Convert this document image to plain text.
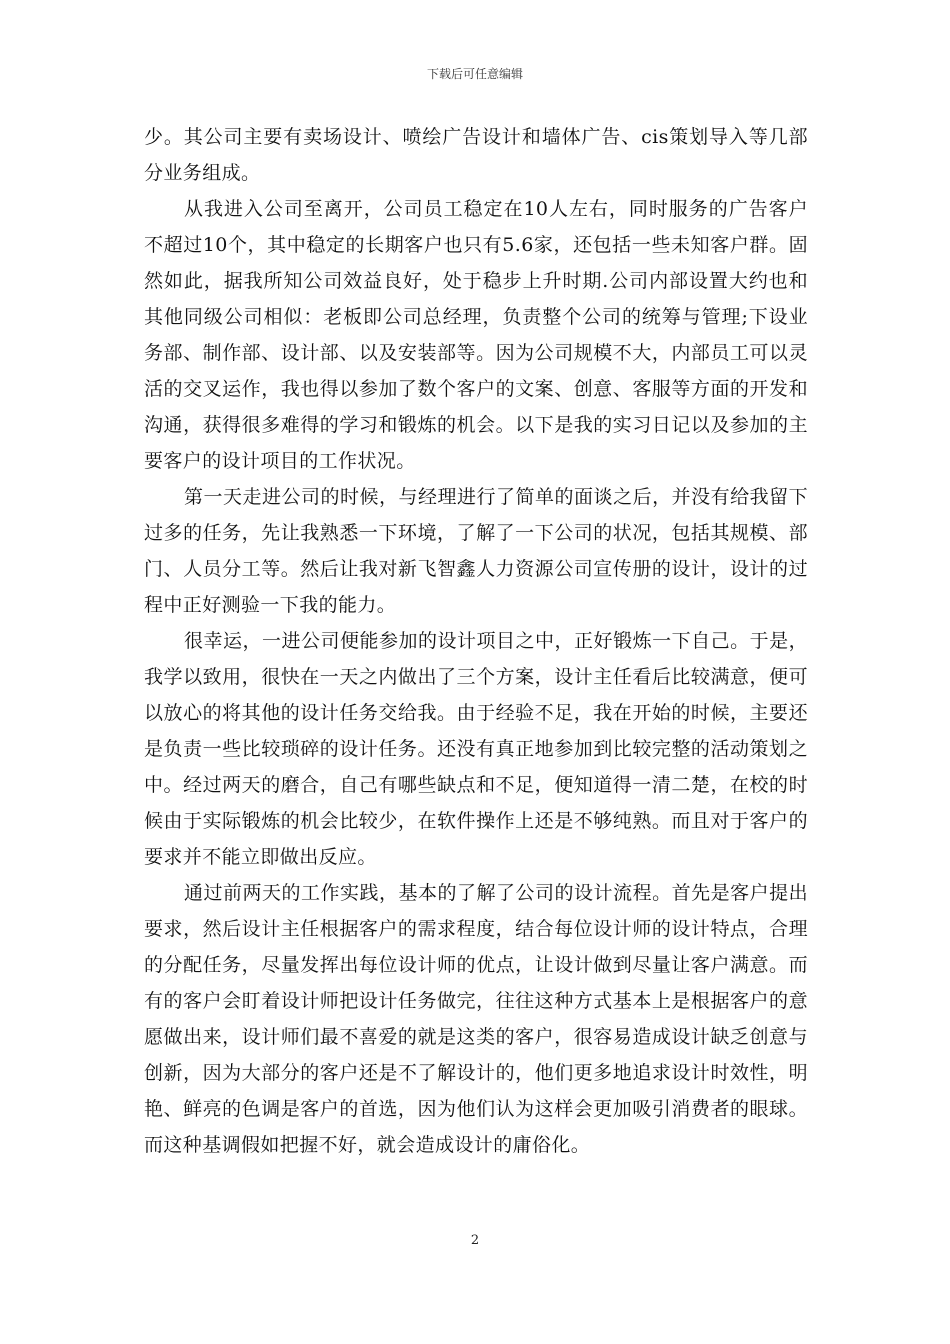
下载后可任意编辑

少。其公司主要有卖场设计、喷绘广告设计和墙体广告、cis策划导入等几部分业务组成。

从我进入公司至离开，公司员工稳定在10人左右，同时服务的广告客户不超过10个，其中稳定的长期客户也只有5.6家，还包括一些未知客户群。固然如此，据我所知公司效益良好，处于稳步上升时期.公司内部设置大约也和其他同级公司相似：老板即公司总经理，负责整个公司的统筹与管理;下设业务部、制作部、设计部、以及安装部等。因为公司规模不大，内部员工可以灵活的交叉运作，我也得以参加了数个客户的文案、创意、客服等方面的开发和沟通，获得很多难得的学习和锻炼的机会。以下是我的实习日记以及参加的主要客户的设计项目的工作状况。

第一天走进公司的时候，与经理进行了简单的面谈之后，并没有给我留下过多的任务，先让我熟悉一下环境，了解了一下公司的状况，包括其规模、部门、人员分工等。然后让我对新飞智鑫人力资源公司宣传册的设计，设计的过程中正好测验一下我的能力。

很幸运，一进公司便能参加的设计项目之中，正好锻炼一下自己。于是，我学以致用，很快在一天之内做出了三个方案，设计主任看后比较满意，便可以放心的将其他的设计任务交给我。由于经验不足，我在开始的时候，主要还是负责一些比较琐碎的设计任务。还没有真正地参加到比较完整的活动策划之中。经过两天的磨合，自己有哪些缺点和不足，便知道得一清二楚，在校的时候由于实际锻炼的机会比较少，在软件操作上还是不够纯熟。而且对于客户的要求并不能立即做出反应。

通过前两天的工作实践，基本的了解了公司的设计流程。首先是客户提出要求，然后设计主任根据客户的需求程度，结合每位设计师的设计特点，合理的分配任务，尽量发挥出每位设计师的优点，让设计做到尽量让客户满意。而有的客户会盯着设计师把设计任务做完，往往这种方式基本上是根据客户的意愿做出来，设计师们最不喜爱的就是这类的客户，很容易造成设计缺乏创意与创新，因为大部分的客户还是不了解设计的，他们更多地追求设计时效性，明艳、鲜亮的色调是客户的首选，因为他们认为这样会更加吸引消费者的眼球。而这种基调假如把握不好，就会造成设计的庸俗化。

2
